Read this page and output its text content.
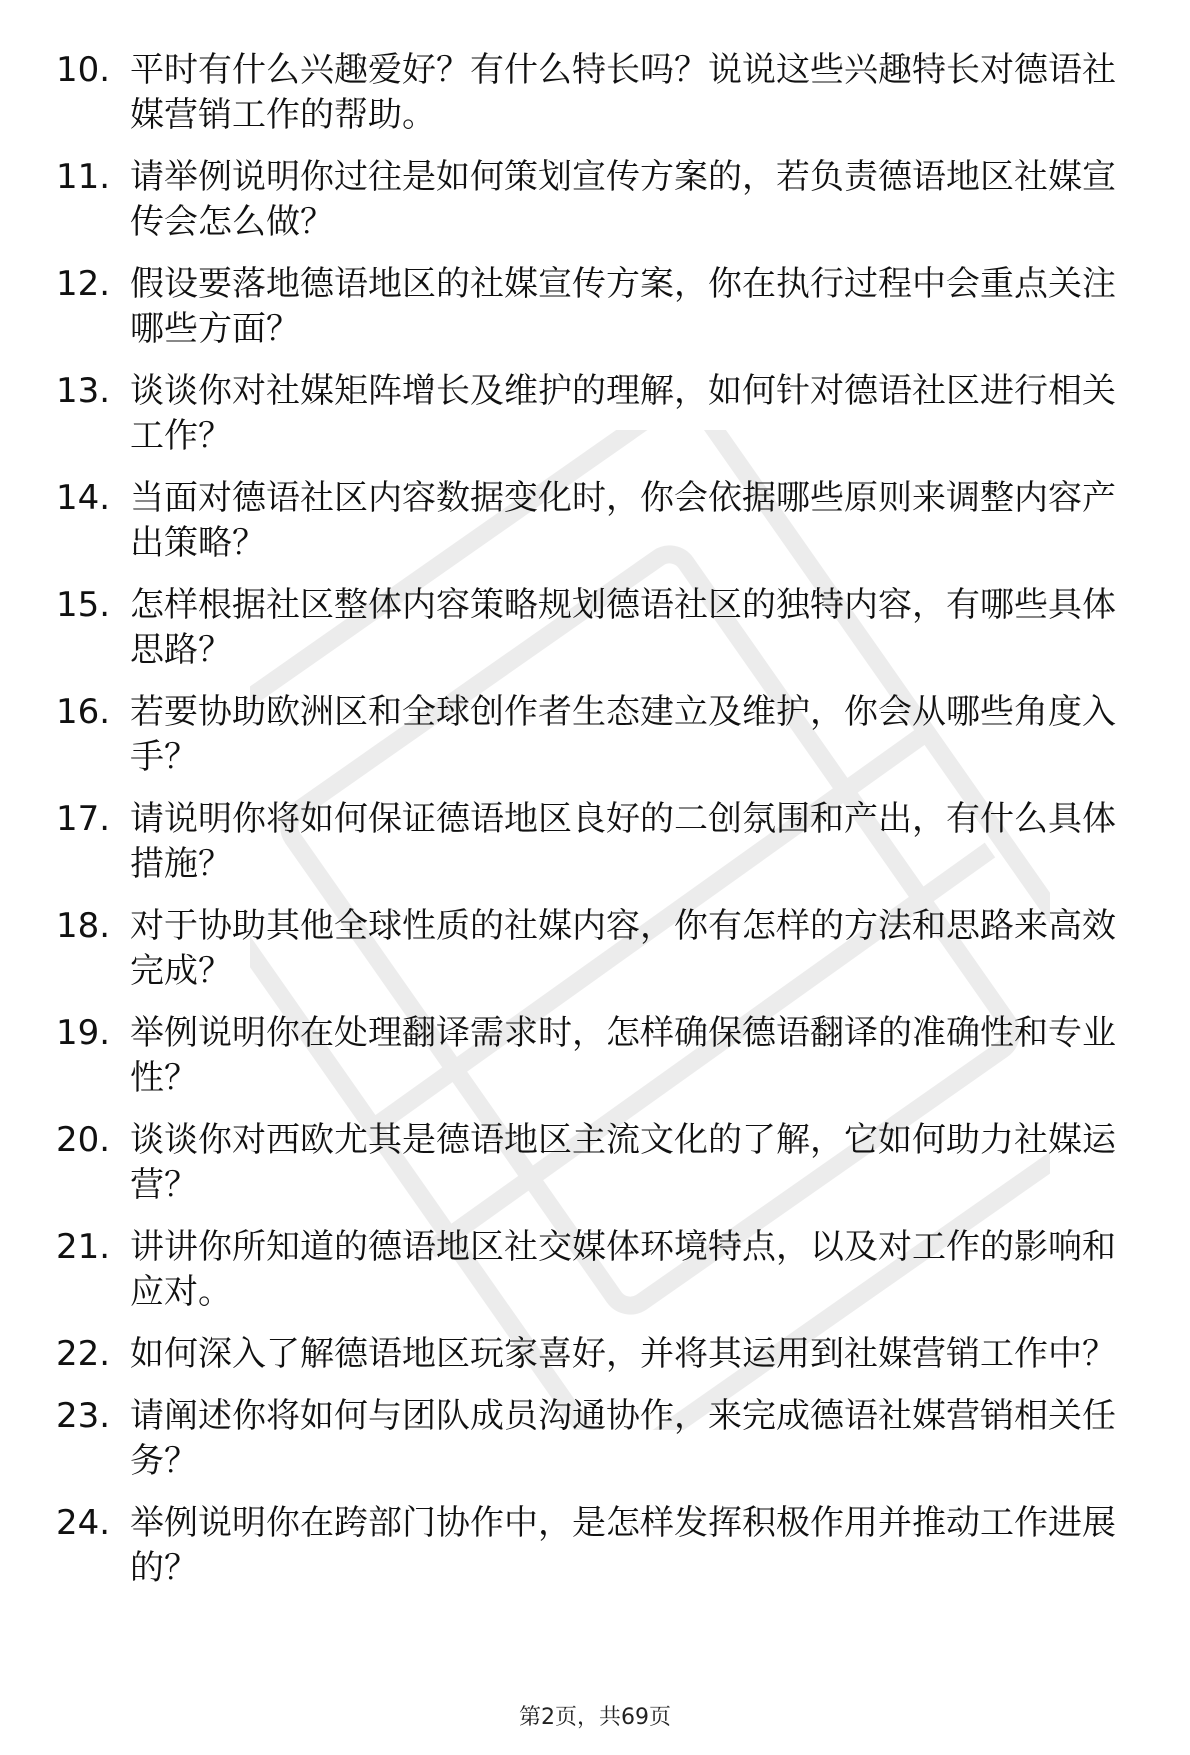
10. 平时有什么兴趣爱好？有什么特长吗？说说这些兴趣特长对德语社媒营销工作的帮助。
11. 请举例说明你过往是如何策划宣传方案的，若负责德语地区社媒宣传会怎么做？
12. 假设要落地德语地区的社媒宣传方案，你在执行过程中会重点关注哪些方面？
13. 谈谈你对社媒矩阵增长及维护的理解，如何针对德语社区进行相关工作？
14. 当面对德语社区内容数据变化时，你会依据哪些原则来调整内容产出策略？
15. 怎样根据社区整体内容策略规划德语社区的独特内容，有哪些具体思路？
16. 若要协助欧洲区和全球创作者生态建立及维护，你会从哪些角度入手？
17. 请说明你将如何保证德语地区良好的二创氛围和产出，有什么具体措施？
18. 对于协助其他全球性质的社媒内容，你有怎样的方法和思路来高效完成？
19. 举例说明你在处理翻译需求时，怎样确保德语翻译的准确性和专业性？
20. 谈谈你对西欧尤其是德语地区主流文化的了解，它如何助力社媒运营？
21. 讲讲你所知道的德语地区社交媒体环境特点，以及对工作的影响和应对。
22. 如何深入了解德语地区玩家喜好，并将其运用到社媒营销工作中？
23. 请阐述你将如何与团队成员沟通协作，来完成德语社媒营销相关任务？
24. 举例说明你在跨部门协作中，是怎样发挥积极作用并推动工作进展的？
第2页，共69页
